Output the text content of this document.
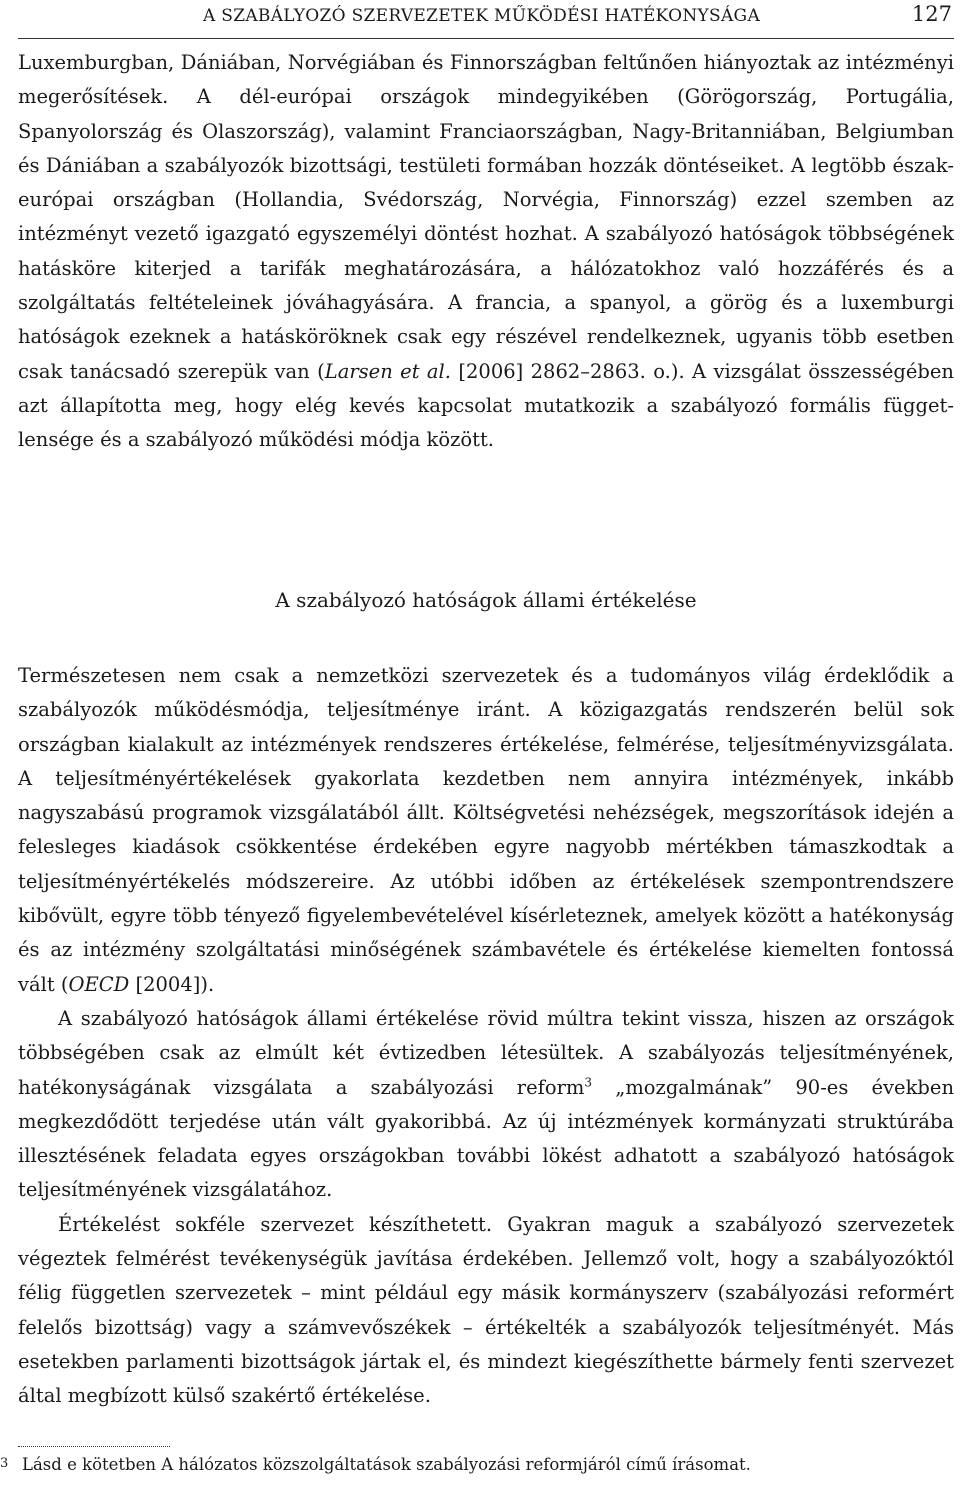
A SZABÁLYOZÓ SZERVEZETEK MŰKÖDÉSI HATÉKONYSÁGA	127

Luxemburgban, Dániában, Norvégiában és Finnországban feltűnően hiányoztak az intézményi megerősítések. A dél-európai országok mindegyikében (Görögország, Portugália, Spanyolország és Olaszország), valamint Franciaországban, Nagy-Britanniában, Belgiumban és Dániában a szabályozók bizottsági, testületi formában hozzák döntéseiket. A legtöbb észak-európai országban (Hollandia, Svédország, Norvégia, Finnország) ezzel szemben az intézményt vezető igazgató egyszemélyi döntést hozhat. A szabályozó hatóságok többségének hatásköre kiterjed a tarifák meghatározására, a hálózatokhoz való hozzáférés és a szolgáltatás feltételeinek jóváhagyására. A francia, a spanyol, a görög és a luxemburgi hatóságok ezeknek a hatásköröknek csak egy részével rendelkeznek, ugyanis több esetben csak tanácsadó szerepük van (Larsen et al. [2006] 2862–2863. o.). A vizsgálat összességében azt állapította meg, hogy elég kevés kapcsolat mutatkozik a szabályozó formális függetlensége és a szabályozó működési módja között.

A szabályozó hatóságok állami értékelése

Természetesen nem csak a nemzetközi szervezetek és a tudományos világ érdeklődik a szabályozók működésmódja, teljesítménye iránt. A közigazgatás rendszerén belül sok országban kialakult az intézmények rendszeres értékelése, felmérése, teljesítményvizsgálata. A teljesítményértékelések gyakorlata kezdetben nem annyira intézmények, inkább nagyszabású programok vizsgálatából állt. Költségvetési nehézségek, megszorítások idején a felesleges kiadások csökkentése érdekében egyre nagyobb mértékben támaszkodtak a teljesítményértékelés módszereire. Az utóbbi időben az értékelések szempontrendszere kibővült, egyre több tényező figyelembevételével kísérleteznek, amelyek között a hatékonyság és az intézmény szolgáltatási minőségének számbavétele és értékelése kiemelten fontossá vált (OECD [2004]).

A szabályozó hatóságok állami értékelése rövid múltra tekint vissza, hiszen az országok többségében csak az elmúlt két évtizedben létesültek. A szabályozás teljesítményének, hatékonyságának vizsgálata a szabályozási reform$^3$ „mozgalmának” 90-es években megkezdődött terjedése után vált gyakoribbá. Az új intézmények kormányzati struktúrába illesztésének feladata egyes országokban további lökést adhatott a szabályozó hatóságok teljesítményének vizsgálatához.

Értékelést sokféle szervezet készíthetett. Gyakran maguk a szabályozó szervezetek végeztek felmérést tevékenységük javítása érdekében. Jellemző volt, hogy a szabályozóktól félig független szervezetek – mint például egy másik kormányszerv (szabályozási reformért felelős bizottság) vagy a számvevőszékek – értékelték a szabályozók teljesítményét. Más esetekben parlamenti bizottságok jártak el, és mindezt kiegészíthette bármely fenti szervezet által megbízott külső szakértő értékelése.

3 Lásd e kötetben A hálózatos közszolgáltatások szabályozási reformjáról című írásomat.
